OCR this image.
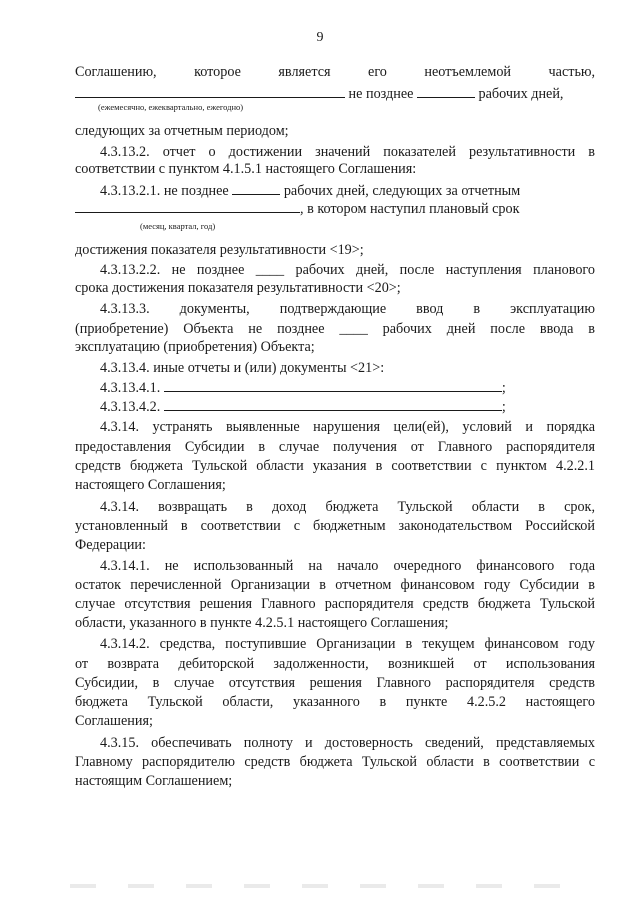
9
Соглашению,	которое	является	его	неотъемлемой	частью,
не позднее	рабочих дней,
(ежемесячно, ежеквартально, ежегодно)
следующих за отчетным периодом;
4.3.13.2. отчет о достижении значений показателей результативности в
соответствии с пунктом 4.1.5.1 настоящего Соглашения:
4.3.13.2.1. не позднее	рабочих дней, следующих за отчетным
, в котором наступил плановый срок
(месяц, квартал, год)
достижения показателя результативности <19>;
4.3.13.2.2. не позднее ____ рабочих дней, после наступления планового
срока достижения показателя результативности <20>;
4.3.13.3. документы, подтверждающие ввод в эксплуатацию
(приобретение) Объекта не позднее ____ рабочих дней после ввода в
эксплуатацию (приобретения) Объекта;
4.3.13.4. иные отчеты и (или) документы <21>:
4.3.13.4.1.	;
4.3.13.4.2.	;
4.3.14. устранять выявленные нарушения цели(ей), условий и порядка
предоставления Субсидии в случае получения от Главного распорядителя
средств бюджета Тульской области указания в соответствии с пунктом 4.2.2.1
настоящего Соглашения;
4.3.14. возвращать в доход бюджета Тульской области в срок,
установленный в соответствии с бюджетным законодательством Российской
Федерации:
4.3.14.1. не использованный на начало очередного финансового года
остаток перечисленной Организации в отчетном финансовом году Субсидии в
случае отсутствия решения Главного распорядителя средств бюджета Тульской
области, указанного в пункте 4.2.5.1 настоящего Соглашения;
4.3.14.2. средства, поступившие Организации в текущем финансовом году
от возврата дебиторской задолженности, возникшей от использования
Субсидии, в случае отсутствия решения Главного распорядителя средств
бюджета Тульской области, указанного в пункте 4.2.5.2 настоящего
Соглашения;
4.3.15. обеспечивать полноту и достоверность сведений, представляемых
Главному распорядителю средств бюджета Тульской области в соответствии с
настоящим Соглашением;
